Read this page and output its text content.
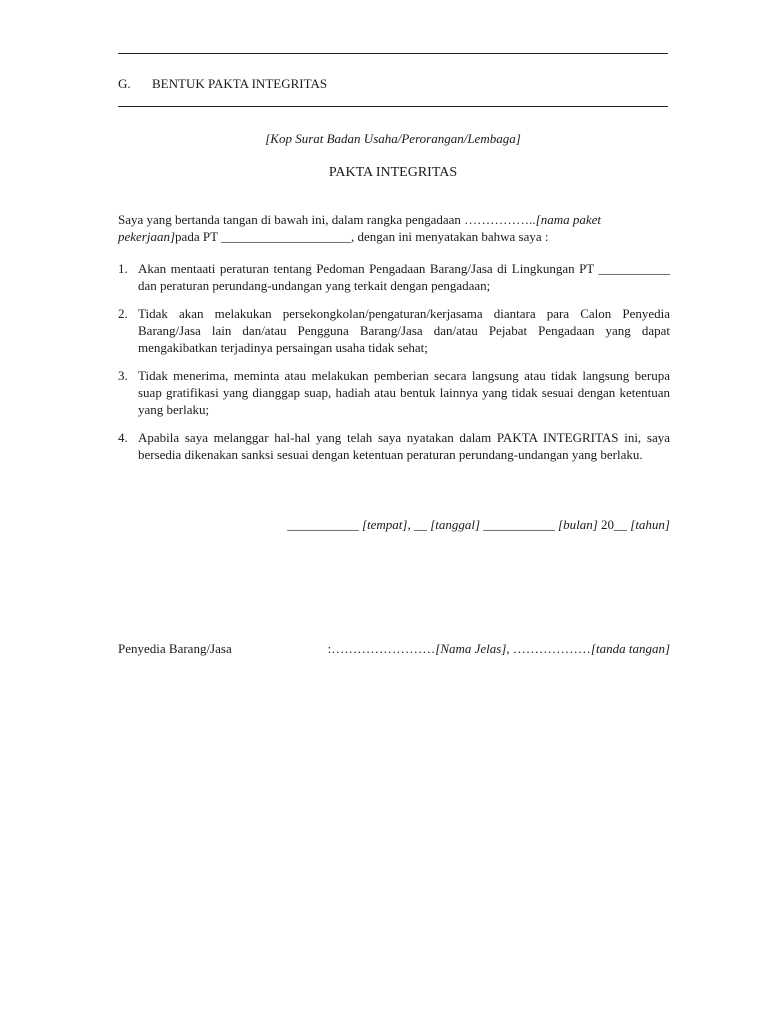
G. BENTUK PAKTA INTEGRITAS
[Kop Surat Badan Usaha/Perorangan/Lembaga]
PAKTA INTEGRITAS
Saya yang bertanda tangan di bawah ini, dalam rangka pengadaan ……………..[nama paket pekerjaan]pada PT ____________________, dengan ini menyatakan bahwa saya :
1. Akan mentaati peraturan tentang Pedoman Pengadaan Barang/Jasa di Lingkungan PT ___________ dan peraturan perundang-undangan yang terkait dengan pengadaan;
2. Tidak akan melakukan persekongkolan/pengaturan/kerjasama diantara para Calon Penyedia Barang/Jasa lain dan/atau Pengguna Barang/Jasa dan/atau Pejabat Pengadaan yang dapat mengakibatkan terjadinya persaingan usaha tidak sehat;
3. Tidak menerima, meminta atau melakukan pemberian secara langsung atau tidak langsung berupa suap gratifikasi yang dianggap suap, hadiah atau bentuk lainnya yang tidak sesuai dengan ketentuan yang berlaku;
4. Apabila saya melanggar hal-hal yang telah saya nyatakan dalam PAKTA INTEGRITAS ini, saya bersedia dikenakan sanksi sesuai dengan ketentuan peraturan perundang-undangan yang berlaku.
___________ [tempat], __ [tanggal] ___________ [bulan] 20__ [tahun]
Penyedia Barang/Jasa	:……………………[Nama Jelas], ………………[tanda tangan]
